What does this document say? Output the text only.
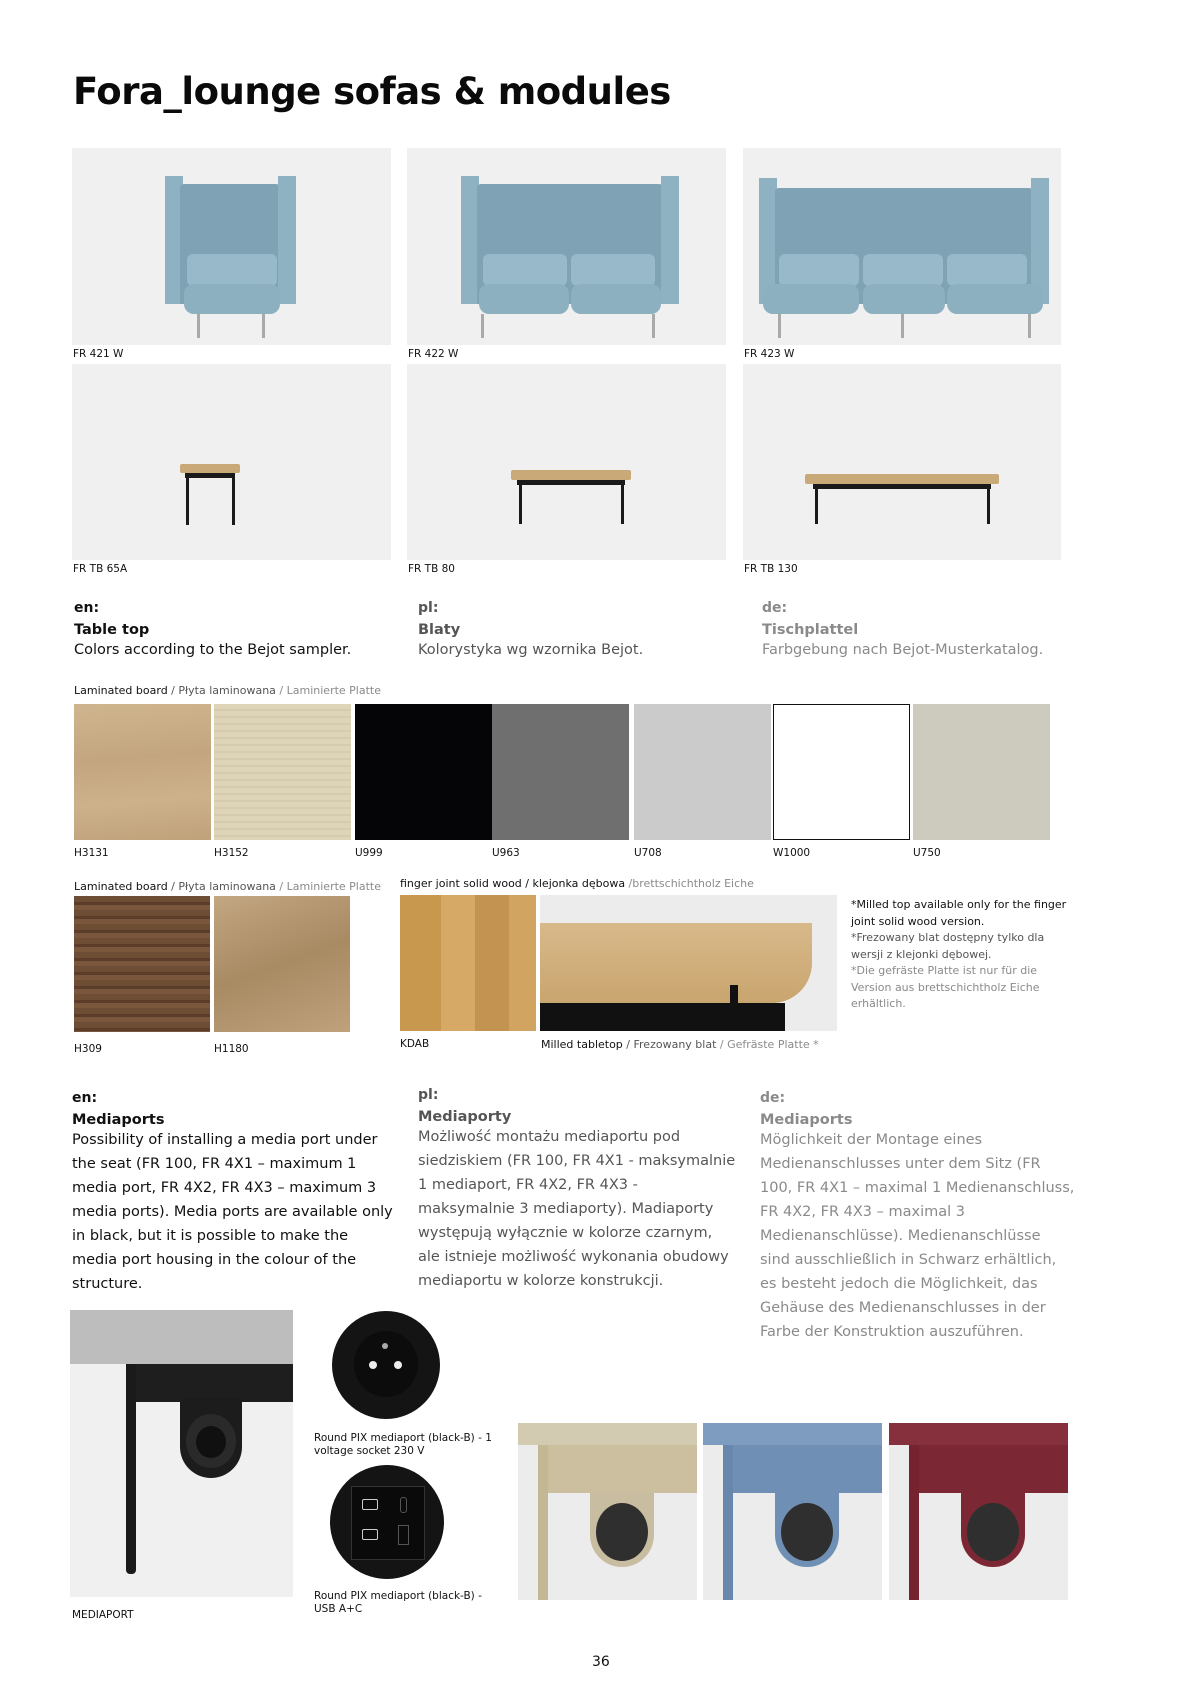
Fora_lounge sofas & modules
FR 421 W	FR 422 W	FR 423 W
FR TB 65A	FR TB 80	FR TB 130
en:
Table top
Colors according to the Bejot sampler.
pl:
Blaty
Kolorystyka wg wzornika Bejot.
de:
Tischplattel
Farbgebung nach Bejot-Musterkatalog.
Laminated board / Płyta laminowana / Laminierte Platte
H3131	H3152	U999	U963	U708	W1000	U750
Laminated board / Płyta laminowana / Laminierte Platte
H309	H1180
finger joint solid wood / klejonka dębowa /brettschichtholz Eiche
KDAB	Milled tabletop / Frezowany blat / Gefräste Platte *
*Milled top available only for the finger joint solid wood version.
*Frezowany blat dostępny tylko dla wersji z klejonki dębowej.
*Die gefräste Platte ist nur für die Version aus brettschichtholz Eiche erhältlich.
en:
Mediaports
Possibility of installing a media port under the seat (FR 100, FR 4X1 – maximum 1 media port, FR 4X2, FR 4X3 – maximum 3 media ports). Media ports are available only in black, but it is possible to make the media port housing in the colour of the structure.
pl:
Mediaporty
Możliwość montażu mediaportu pod siedziskiem (FR 100, FR 4X1 - maksymalnie 1 mediaport, FR 4X2, FR 4X3 - maksymalnie 3 mediaporty). Madiaporty występują wyłącznie w kolorze czarnym, ale istnieje możliwość wykonania obudowy mediaportu w kolorze konstrukcji.
de:
Mediaports
Möglichkeit der Montage eines Medienanschlusses unter dem Sitz (FR 100, FR 4X1 – maximal 1 Medienanschluss, FR 4X2, FR 4X3 – maximal 3 Medienanschlüsse). Medienanschlüsse sind ausschließlich in Schwarz erhältlich, es besteht jedoch die Möglichkeit, das Gehäuse des Medienanschlusses in der Farbe der Konstruktion auszuführen.
MEDIAPORT
Round PIX mediaport (black-B) - 1 voltage socket 230 V
Round PIX mediaport (black-B) - USB A+C
36
